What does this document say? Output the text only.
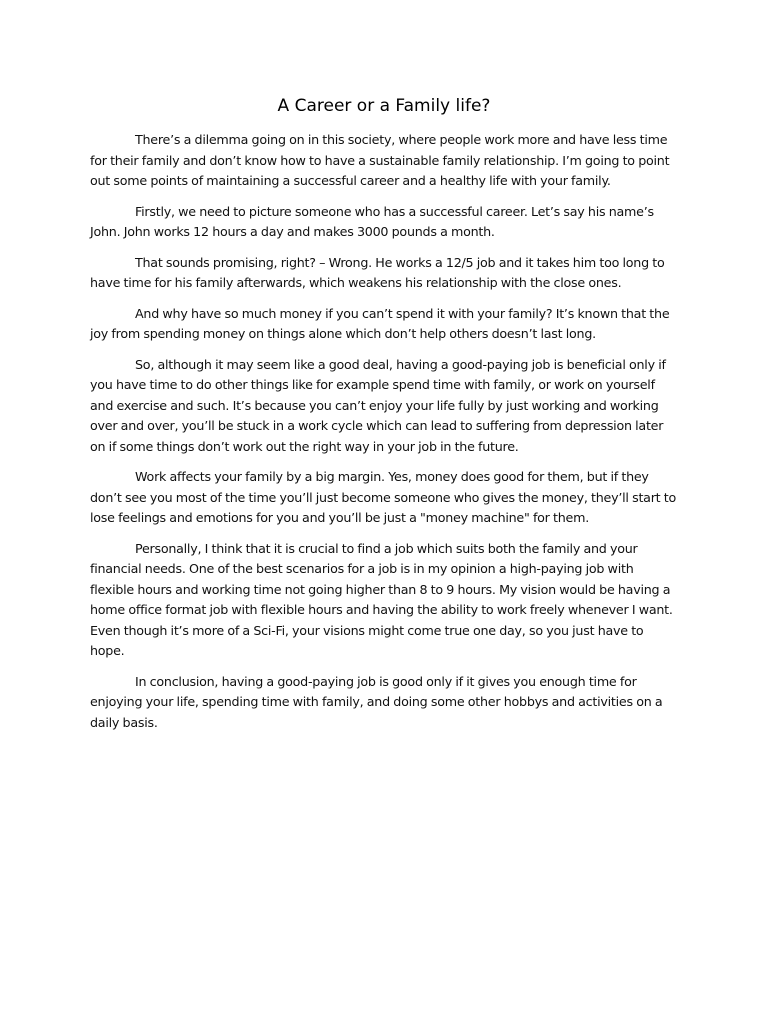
A Career or a Family life?

There’s a dilemma going on in this society, where people work more and have less time for their family and don’t know how to have a sustainable family relationship. I’m going to point out some points of maintaining a successful career and a healthy life with your family.

Firstly, we need to picture someone who has a successful career. Let’s say his name’s John. John works 12 hours a day and makes 3000 pounds a month.

That sounds promising, right? – Wrong. He works a 12/5 job and it takes him too long to have time for his family afterwards, which weakens his relationship with the close ones.

And why have so much money if you can’t spend it with your family? It’s known that the joy from spending money on things alone which don’t help others doesn’t last long.

So, although it may seem like a good deal, having a good-paying job is beneficial only if you have time to do other things like for example spend time with family, or work on yourself and exercise and such. It’s because you can’t enjoy your life fully by just working and working over and over, you’ll be stuck in a work cycle which can lead to suffering from depression later on if some things don’t work out the right way in your job in the future.

Work affects your family by a big margin. Yes, money does good for them, but if they don’t see you most of the time you’ll just become someone who gives the money, they’ll start to lose feelings and emotions for you and you’ll be just a "money machine" for them.

Personally, I think that it is crucial to find a job which suits both the family and your financial needs. One of the best scenarios for a job is in my opinion a high-paying job with flexible hours and working time not going higher than 8 to 9 hours. My vision would be having a home office format job with flexible hours and having the ability to work freely whenever I want. Even though it’s more of a Sci-Fi, your visions might come true one day, so you just have to hope.

In conclusion, having a good-paying job is good only if it gives you enough time for enjoying your life, spending time with family, and doing some other hobbys and activities on a daily basis.
